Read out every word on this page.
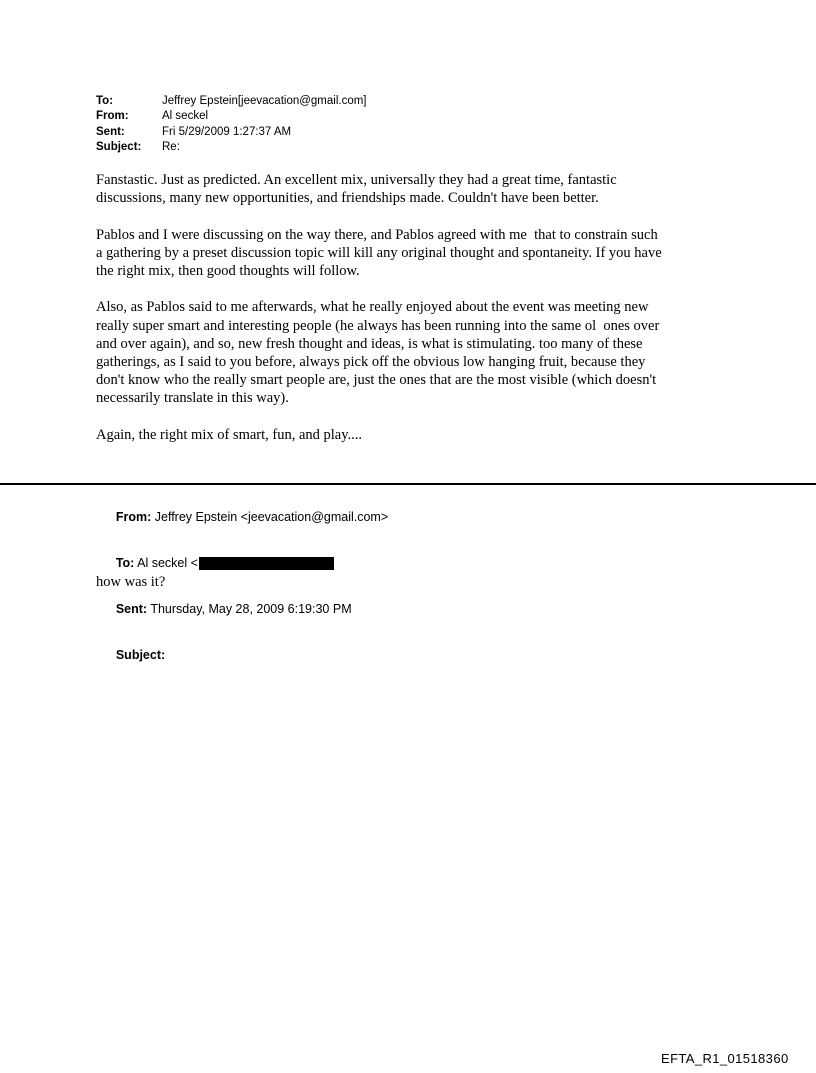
To:	Jeffrey Epstein[jeevacation@gmail.com]
From:	Al seckel
Sent:	Fri 5/29/2009 1:27:37 AM
Subject:	Re:
Fanstastic. Just as predicted. An excellent mix, universally they had a great time, fantastic
discussions, many new opportunities, and friendships made. Couldn't have been better.
Pablos and I were discussing on the way there, and Pablos agreed with me  that to constrain such
a gathering by a preset discussion topic will kill any original thought and spontaneity. If you have
the right mix, then good thoughts will follow.
Also, as Pablos said to me afterwards, what he really enjoyed about the event was meeting new
really super smart and interesting people (he always has been running into the same ol  ones over
and over again), and so, new fresh thought and ideas, is what is stimulating. too many of these
gatherings, as I said to you before, always pick off the obvious low hanging fruit, because they
don't know who the really smart people are, just the ones that are the most visible (which doesn't
necessarily translate in this way).
Again, the right mix of smart, fun, and play....

From: Jeffrey Epstein <jeevacation@gmail.com>

To: Al seckel <

Sent: Thursday, May 28, 2009 6:19:30 PM

Subject:

how was it?
EFTA_R1_01518360
